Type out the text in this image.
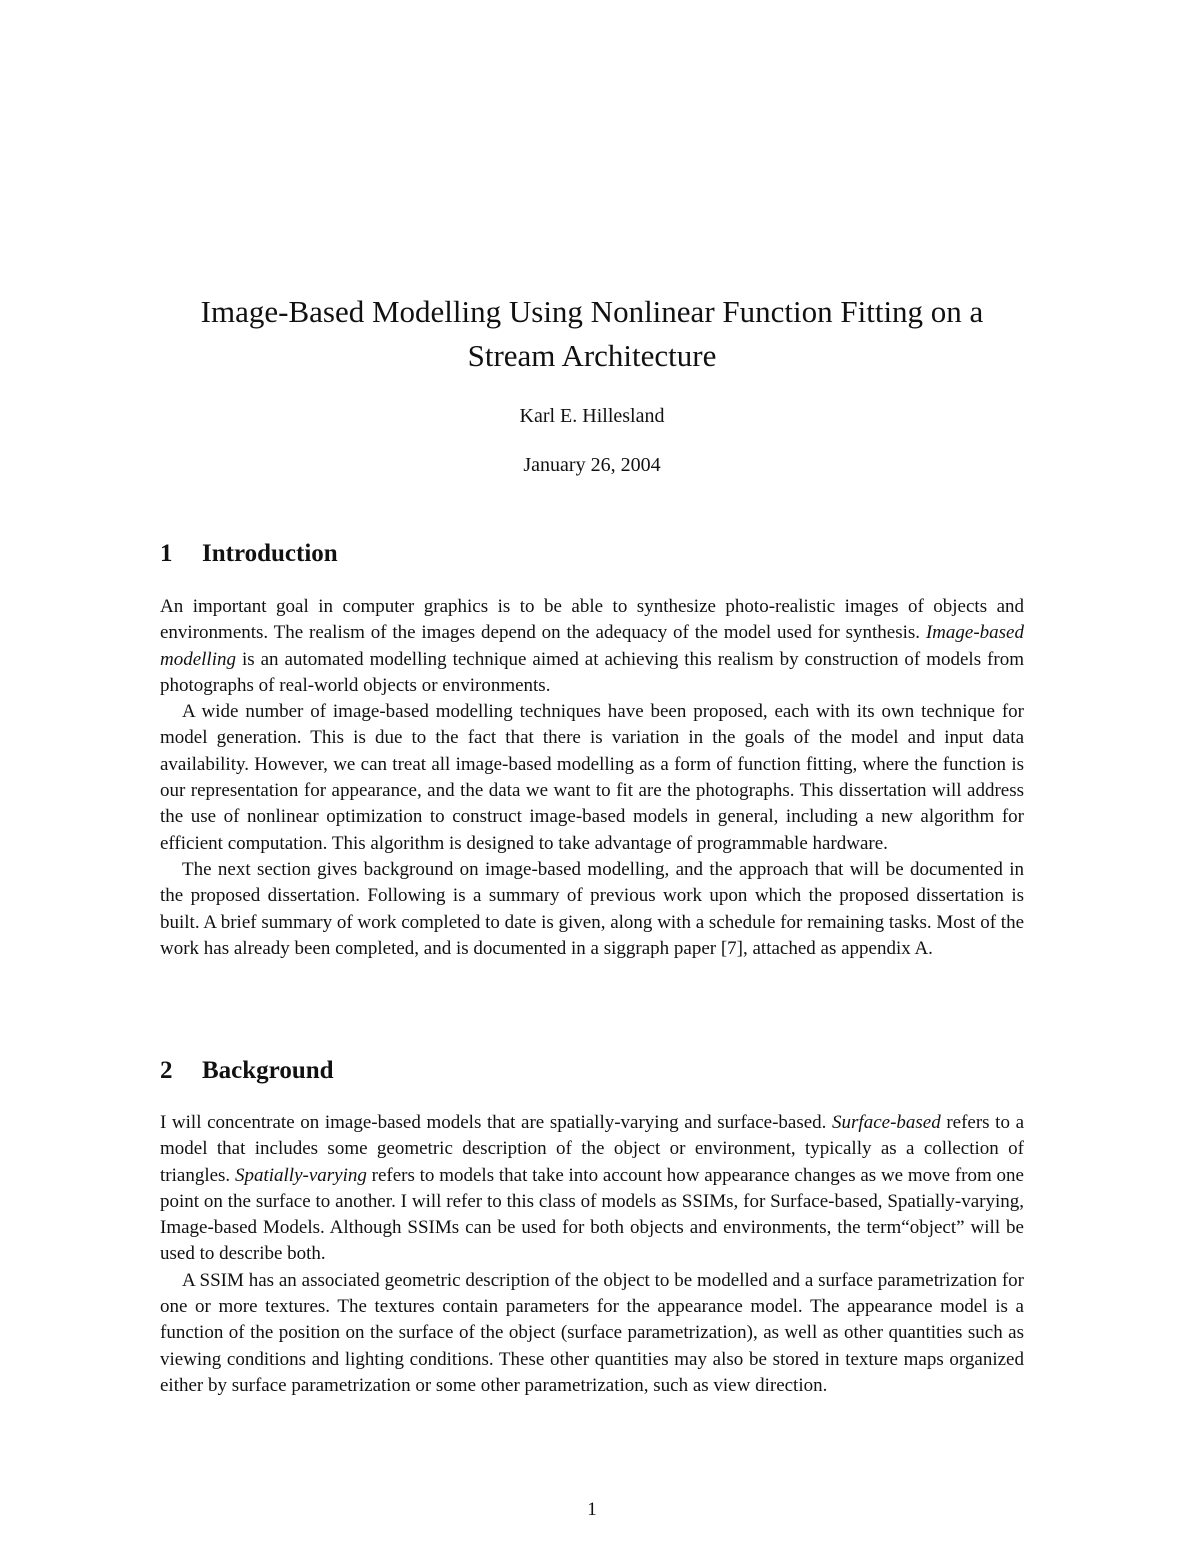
Image-Based Modelling Using Nonlinear Function Fitting on a Stream Architecture
Karl E. Hillesland
January 26, 2004
1 Introduction

An important goal in computer graphics is to be able to synthesize photo-realistic images of objects and environments. The realism of the images depend on the adequacy of the model used for synthesis. Image-based modelling is an automated modelling technique aimed at achieving this realism by construction of models from photographs of real-world objects or environments.

A wide number of image-based modelling techniques have been proposed, each with its own technique for model generation. This is due to the fact that there is variation in the goals of the model and input data availability. However, we can treat all image-based modelling as a form of function fitting, where the function is our representation for appearance, and the data we want to fit are the photographs. This dissertation will address the use of nonlinear optimization to construct image-based models in general, including a new algorithm for efficient computation. This algorithm is designed to take advantage of programmable hardware.

The next section gives background on image-based modelling, and the approach that will be documented in the proposed dissertation. Following is a summary of previous work upon which the proposed dissertation is built. A brief summary of work completed to date is given, along with a schedule for remaining tasks. Most of the work has already been completed, and is documented in a siggraph paper [7], attached as appendix A.

2 Background

I will concentrate on image-based models that are spatially-varying and surface-based. Surface-based refers to a model that includes some geometric description of the object or environment, typically as a collection of triangles. Spatially-varying refers to models that take into account how appearance changes as we move from one point on the surface to another. I will refer to this class of models as SSIMs, for Surface-based, Spatially-varying, Image-based Models. Although SSIMs can be used for both objects and environments, the term“object” will be used to describe both.

A SSIM has an associated geometric description of the object to be modelled and a surface parametrization for one or more textures. The textures contain parameters for the appearance model. The appearance model is a function of the position on the surface of the object (surface parametrization), as well as other quantities such as viewing conditions and lighting conditions. These other quantities may also be stored in texture maps organized either by surface parametrization or some other parametrization, such as view direction.

1
